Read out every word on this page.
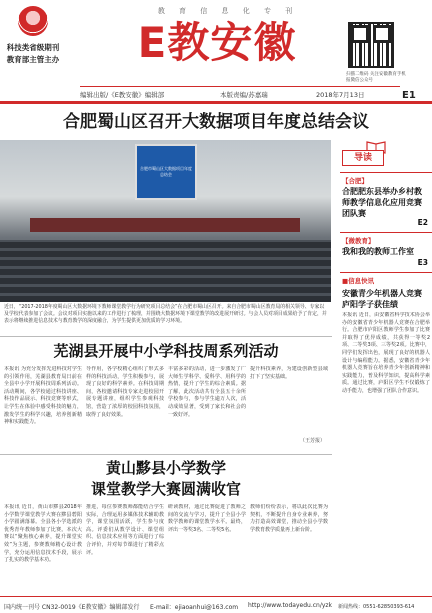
科技类省级期刊
教育部主管主办
教 育 信 息 化 专 刊
E教安徽
扫描二维码 关注安徽教育手机报微信公众号
E1
编辑出版/《E教安徽》编辑部	本版责编/苏嘉瑞	2018年7月13日
合肥蜀山区召开大数据项目年度总结会议
合肥市蜀山区大数据项目年度总结会
近日，“2017-2018年度蜀山区大数据环境下教师课堂教学行为研究项目总结会”在合肥市蜀山区召开。来自合肥市蜀山区教育局的相关领导、专家以及学校代表参加了会议。会议对项目实施以来的工作进行了梳理，并围绕大数据环境下课堂教学的改进展开研讨。与会人员对项目成果给予了肯定，并表示将继续推进信息技术与教育教学的深度融合，为学生提供更加优质的学习环境。
导读
【合肥】
合肥肥东县举办乡村教师教学信息化应用竞赛团队赛
E2
【微教育】
我和我的教师工作室
E3
■信息快讯
安徽青少年机器人竞赛庐阳学子获佳绩
本报讯 近日，由安徽省科学技术协会举办的安徽省青少年机器人竞赛在合肥举行。合肥市庐阳区教师学生参加了比赛并取得了优异成绩，共获得一等奖2项、二等奖3项、三等奖2项。比赛中，同学们发挥出色，展现了良好的机器人设计与编程能力。据悉，安徽省青少年机器人竞赛旨在培养青少年创新精神和实践能力，普及科学知识，提高科学素质。通过比赛，庐阳区学生不仅锻炼了动手能力，也增强了团队合作意识。
芜湖县开展中小学科技周系列活动
本报讯 为充分发挥先进科技对学生的引领作用，芜湖县教育局日前在全县中小学开展科技周系列活动。活动期间，各学校通过科技讲座、科技作品展示、科技竞赛等形式，让学生在体验中感受科技的魅力，激发学生的科学兴趣，培养创新精神和实践能力。
导作用，各学校精心组织了形式多样的科技活动，学生积极参与，展现了良好的科学素养。在科技周期间，各校邀请科技专家走进校园开展专题讲座，组织学生参观科技馆，营造了浓厚的校园科技氛围，取得了良好效果。
丰富多彩的活动，进一步激发了广大师生学科学、爱科学、用科学的热情，提升了学生的综合素质。据了解，此次活动共有全县五十余所学校参与，参与学生逾万人次，活动成效显著，受到了家长和社会的一致好评。
提升科技素养，为建设创新型县域打下了坚实基础。
（王芳报）
黄山黟县小学数学
课堂教学大赛圆满收官
本报讯 近日，黄山市黟县2018年小学数学课堂教学大赛在黟县碧阳小学圆满落幕。全县各小学选派的优秀青年教师参加了比赛。本次大赛以“聚焦核心素养，提升课堂实效”为主题，参赛教师精心设计教学，充分运用信息技术手段，展示了扎实的教学基本功。
推进，每位参赛教师都能结合学生实际，合理运用多媒体技术辅助教学，课堂氛围活跃，学生参与度高。评委们从教学设计、课堂组织、信息技术应用等方面进行了综合评价，并对每节课进行了精彩点评。
研读教材，通过比赛促进了教师之间的交流与学习，提升了全县小学数学教师的课堂教学水平。最终，评出一等奖3名、二等奖5名。
教师们纷纷表示，将以此次比赛为契机，不断提升自身专业素养，努力打造高效课堂，推动全县小学数学教育教学质量再上新台阶。
国内统一刊号 CN32-0019《E教安徽》编辑部发行 E-mail：ejiaoanhui@163.com http://www.todayedu.cn/yzk 新闻热线：0551-62850393-614
